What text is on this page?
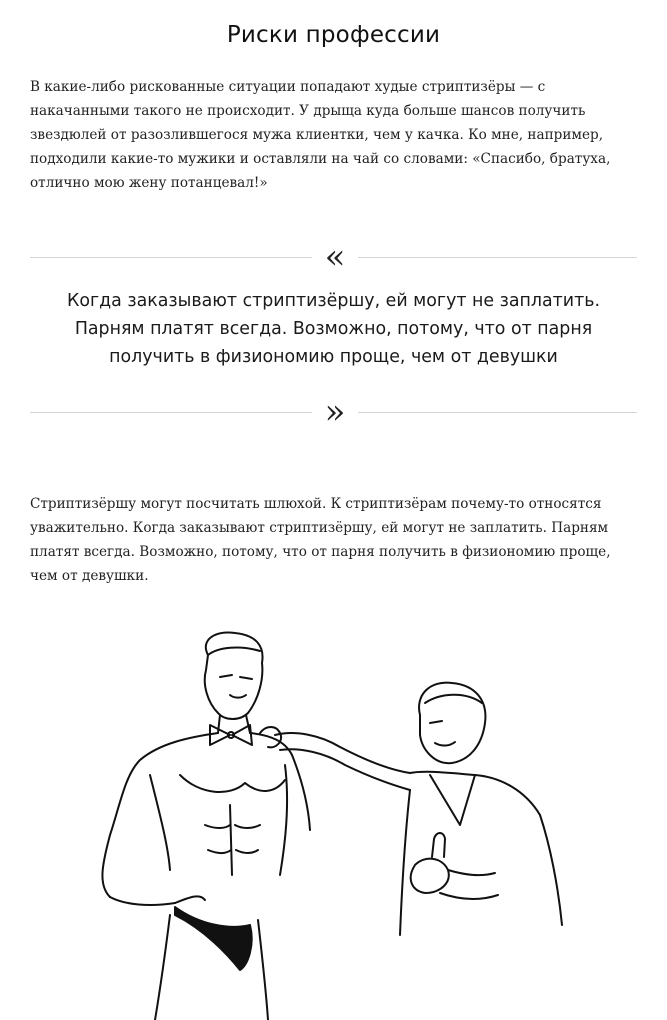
Риски профессии

В какие-либо рискованные ситуации попадают худые стриптизёры — с накачанными такого не происходит. У дрыща куда больше шансов получить звездюлей от разозлившегося мужа клиентки, чем у качка. Ко мне, например, подходили какие-то мужики и оставляли на чай со словами: «Спасибо, братуха, отлично мою жену потанцевал!»

«

Когда заказывают стриптизёршу, ей могут не заплатить. Парням платят всегда. Возможно, потому, что от парня получить в физиономию проще, чем от девушки

»

Стриптизёршу могут посчитать шлюхой. К стриптизёрам почему-то относятся уважительно. Когда заказывают стриптизёршу, ей могут не заплатить. Парням платят всегда. Возможно, потому, что от парня получить в физиономию проще, чем от девушки.
